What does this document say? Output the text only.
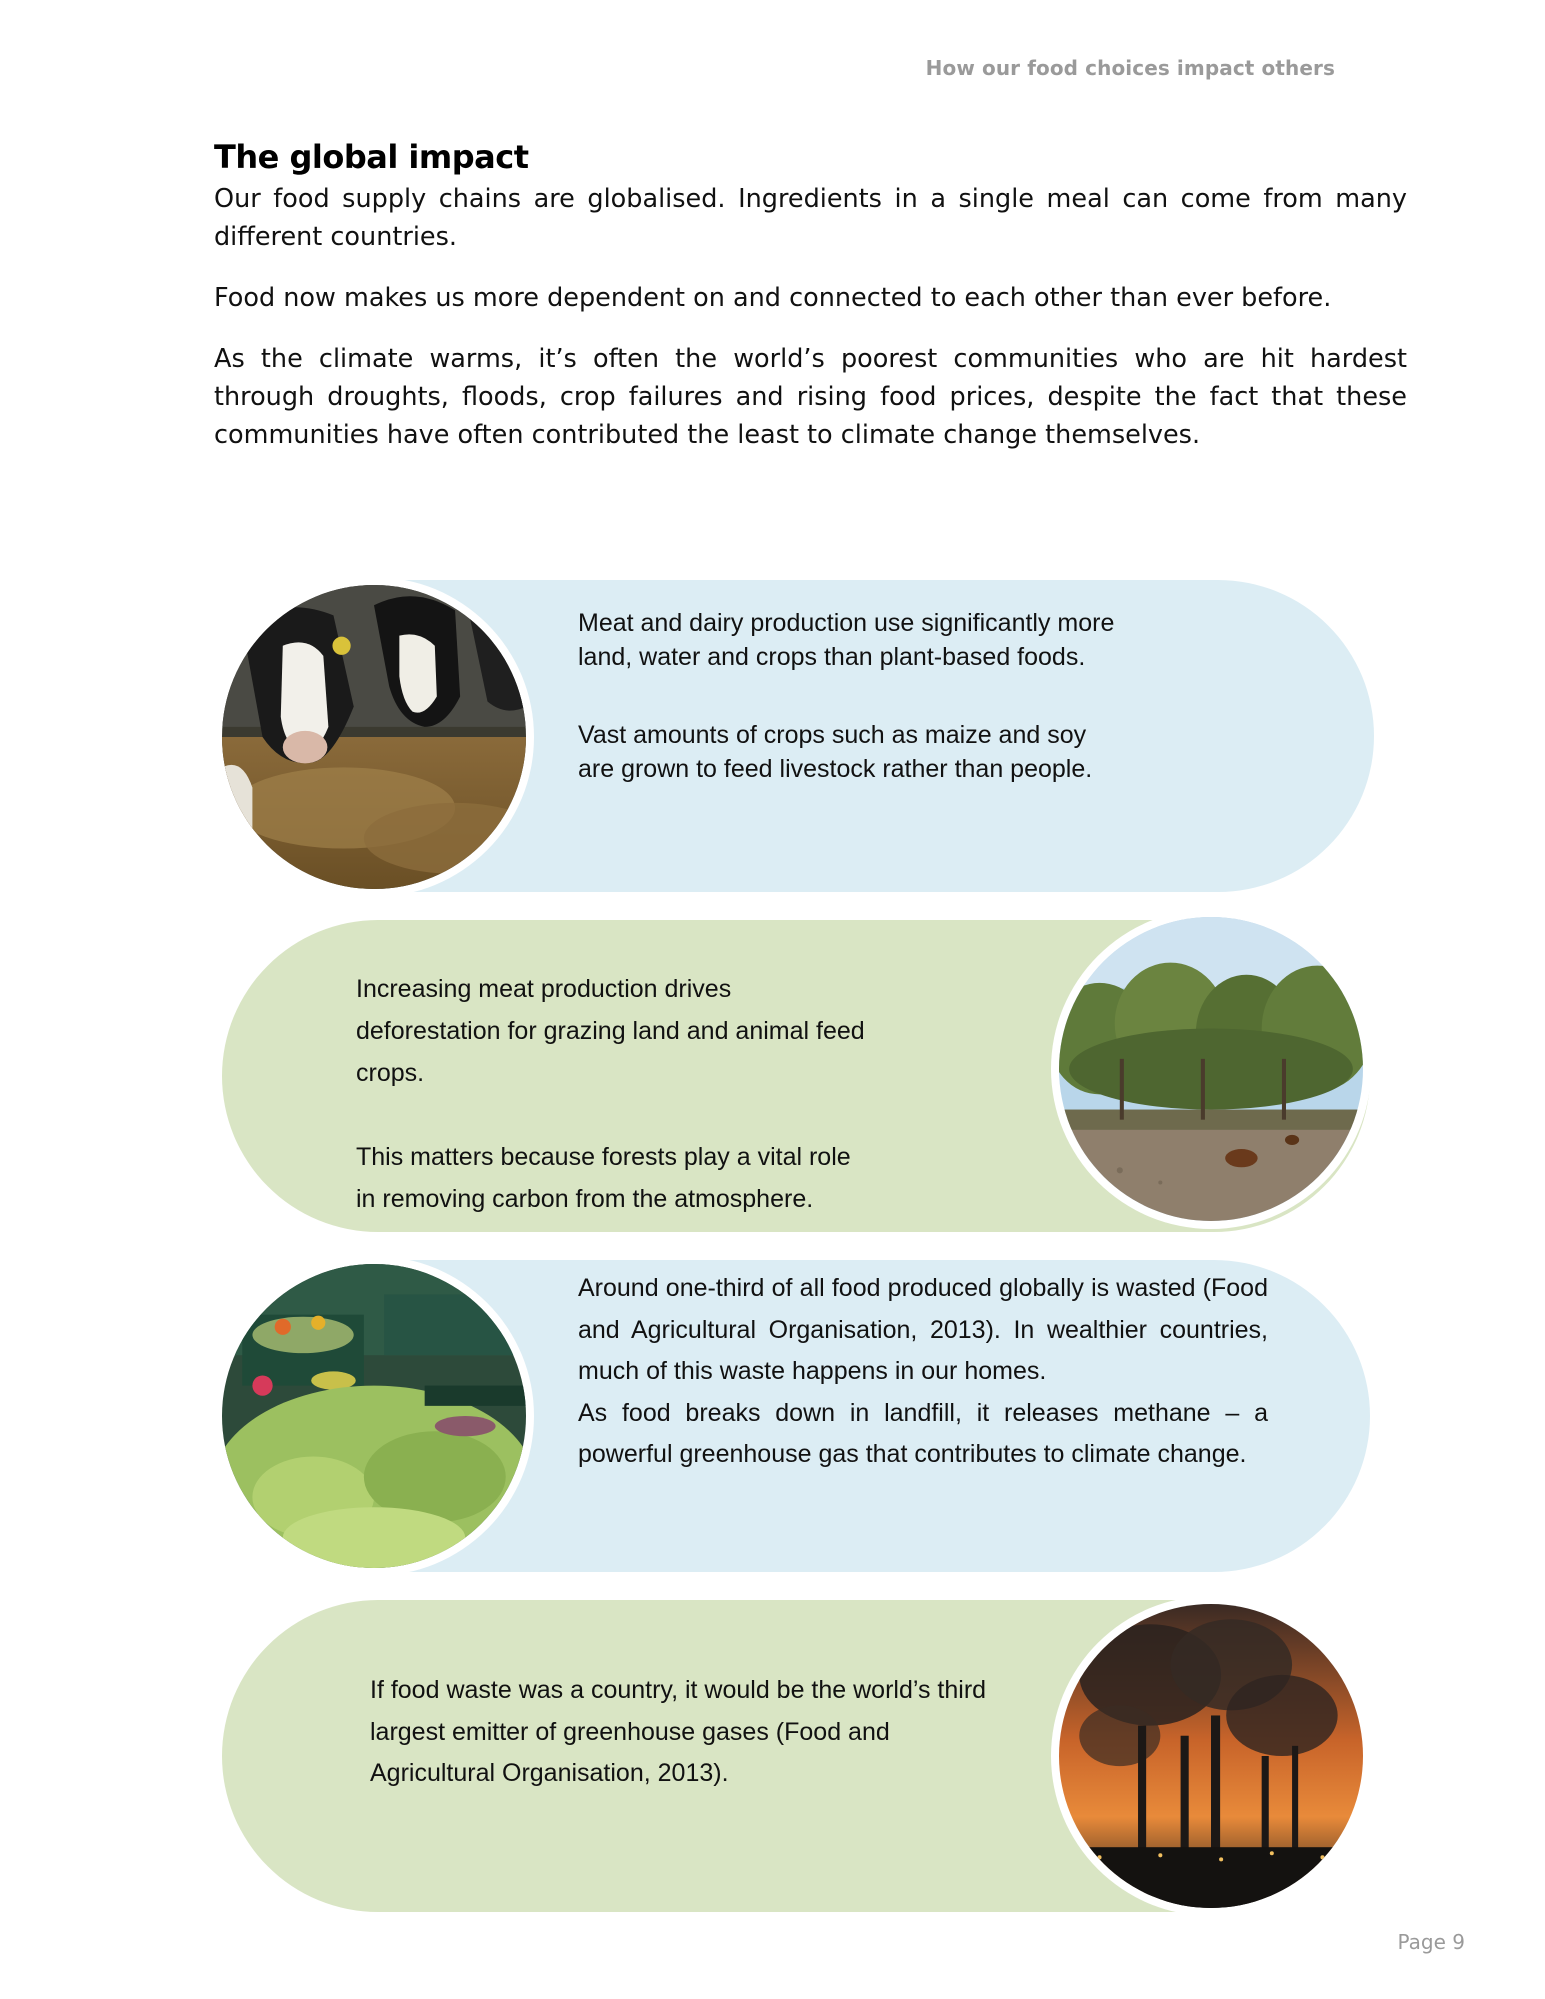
How our food choices impact others
The global impact

Our food supply chains are globalised. Ingredients in a single meal can come from many different countries.

Food now makes us more dependent on and connected to each other than ever before.

As the climate warms, it’s often the world’s poorest communities who are hit hardest through droughts, floods, crop failures and rising food prices, despite the fact that these communities have often contributed the least to climate change themselves.

Meat and dairy production use significantly more land, water and crops than plant-based foods.

Vast amounts of crops such as maize and soy are grown to feed livestock rather than people.

Increasing meat production drives deforestation for grazing land and animal feed crops.

This matters because forests play a vital role in removing carbon from the atmosphere.

Around one-third of all food produced globally is wasted (Food and Agricultural Organisation, 2013). In wealthier countries, much of this waste happens in our homes.

As food breaks down in landfill, it releases methane – a powerful greenhouse gas that contributes to climate change.

If food waste was a country, it would be the world’s third largest emitter of greenhouse gases (Food and Agricultural Organisation, 2013).

Page 9
